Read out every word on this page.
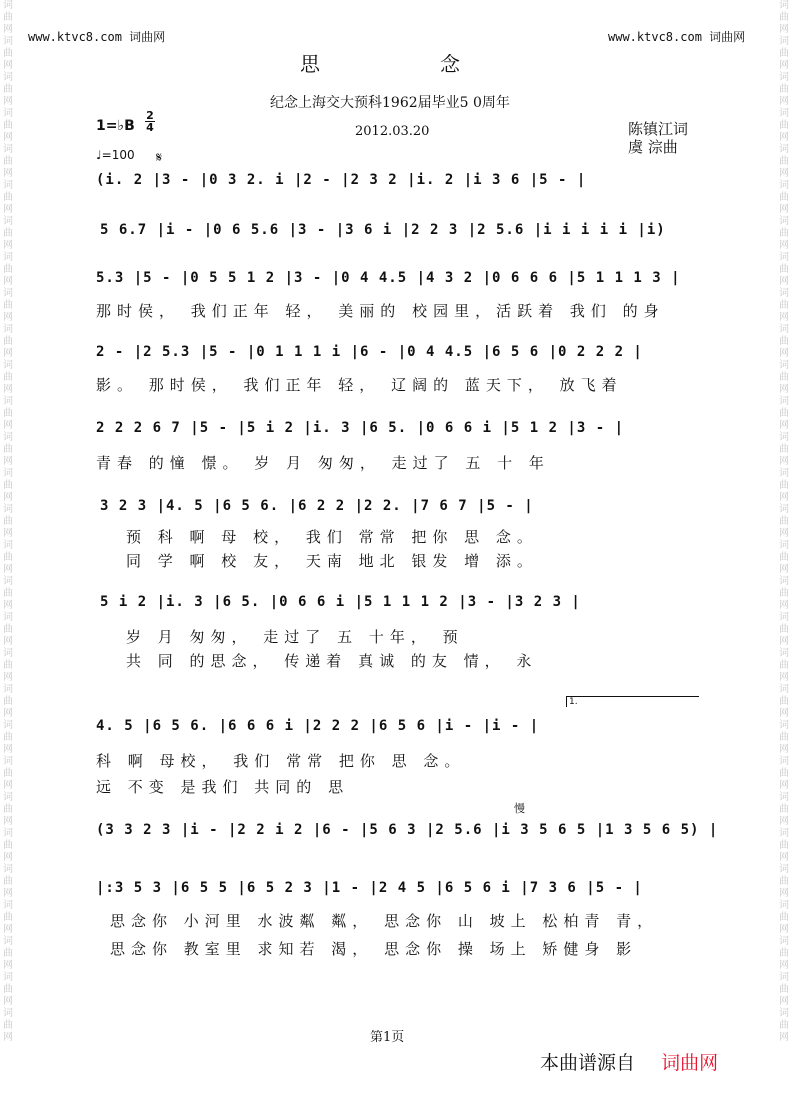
词曲网词曲网词曲网词曲网词曲网词曲网词曲网词曲网词曲网词曲网词曲网词曲网词曲网词曲网词曲网词曲网词曲网词曲网词曲网词曲网词曲网词曲网词曲网词曲网词曲网词曲网词曲网词曲网词曲网
词曲网词曲网词曲网词曲网词曲网词曲网词曲网词曲网词曲网词曲网词曲网词曲网词曲网词曲网词曲网词曲网词曲网词曲网词曲网词曲网词曲网词曲网词曲网词曲网词曲网词曲网词曲网词曲网词曲网
www.ktvc8.com 词曲网	www.ktvc8.com 词曲网
思念
纪念上海交大预科1962届毕业5 0周年
2012.03.20	陈镇江词
虞 淙曲
1=♭B
2
4
♩=100 𝄋
慢
1.
(i. 2 |3 - |0 3 2. i |2 - |2 3 2 |i. 2 |i 3 6 |5 - |
5 6.7 |i - |0 6 5.6 |3 - |3 6 i |2 2 3 |2 5.6 |i i i i i |i)
5.3 |5 - |0 5 5 1 2 |3 - |0 4 4.5 |4 3 2 |0 6 6 6 |5 1 1 1 3 |
那时侯， 我们正年 轻， 美丽的 校园里，活跃着 我们 的身
2 - |2 5.3 |5 - |0 1 1 1 i |6 - |0 4 4.5 |6 5 6 |0 2 2 2 |
影。 那时侯， 我们正年 轻， 辽阔的 蓝天下， 放飞着
2 2 2 6 7 |5 - |5 i 2 |i. 3 |6 5. |0 6 6 i |5 1 2 |3 - |
青春 的憧 憬。 岁 月 匆匆， 走过了 五 十 年
3 2 3 |4. 5 |6 5 6. |6 2 2 |2 2. |7 6 7 |5 - |
预 科 啊 母 校， 我们 常常 把你 思 念。
同 学 啊 校 友， 天南 地北 银发 增 添。
5 i 2 |i. 3 |6 5. |0 6 6 i |5 1 1 1 2 |3 - |3 2 3 |
岁 月 匆匆， 走过了 五 十年， 预
共 同 的思念， 传递着 真诚 的友 情， 永
4. 5 |6 5 6. |6 6 6 i |2 2 2 |6 5 6 |i - |i - |
科 啊 母校， 我们 常常 把你 思 念。
远 不变 是我们 共同的 思
(3 3 2 3 |i - |2 2 i 2 |6 - |5 6 3 |2 5.6 |i 3 5 6 5 |1 3 5 6 5) |
|:3 5 3 |6 5 5 |6 5 2 3 |1 - |2 4 5 |6 5 6 i |7 3 6 |5 - |
思念你 小河里 水波粼 粼， 思念你 山 坡上 松柏青 青，
思念你 教室里 求知若 渴， 思念你 操 场上 矫健身 影
第1页
本曲谱源自 词曲网
